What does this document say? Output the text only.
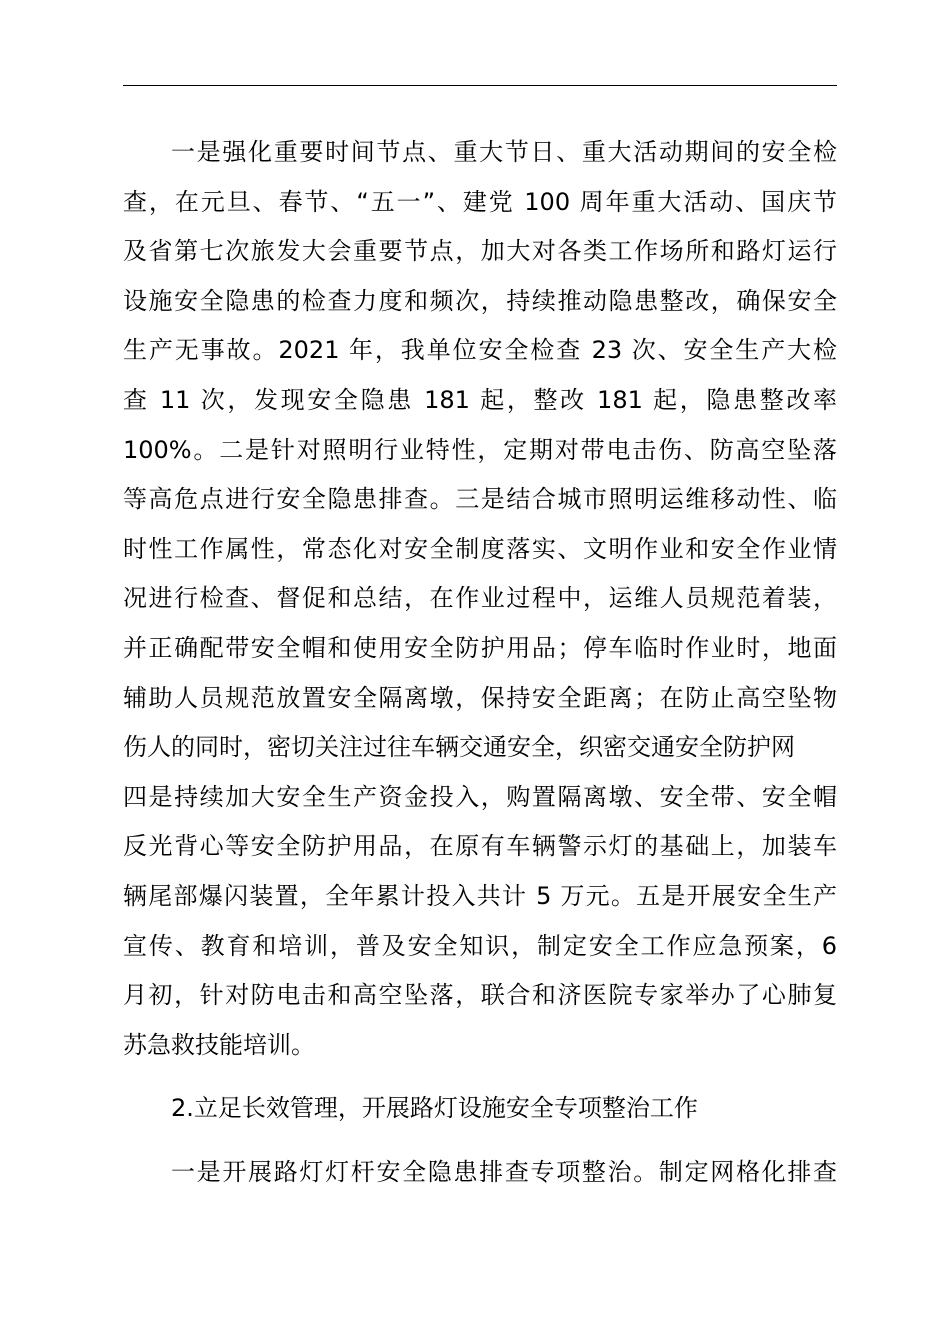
一是强化重要时间节点、重大节日、重大活动期间的安全检
查，在元旦、春节、“五一”、建党 100 周年重大活动、国庆节
及省第七次旅发大会重要节点，加大对各类工作场所和路灯运行
设施安全隐患的检查力度和频次，持续推动隐患整改，确保安全
生产无事故。2021 年，我单位安全检查 23 次、安全生产大检
查 11 次，发现安全隐患 181 起，整改 181 起，隐患整改率
100%。二是针对照明行业特性，定期对带电击伤、防高空坠落
等高危点进行安全隐患排查。三是结合城市照明运维移动性、临
时性工作属性，常态化对安全制度落实、文明作业和安全作业情
况进行检查、督促和总结，在作业过程中，运维人员规范着装，
并正确配带安全帽和使用安全防护用品；停车临时作业时，地面
辅助人员规范放置安全隔离墩，保持安全距离；在防止高空坠物
伤人的同时，密切关注过往车辆交通安全，织密交通安全防护网
四是持续加大安全生产资金投入，购置隔离墩、安全带、安全帽
反光背心等安全防护用品，在原有车辆警示灯的基础上，加装车
辆尾部爆闪装置，全年累计投入共计 5 万元。五是开展安全生产
宣传、教育和培训，普及安全知识，制定安全工作应急预案，6
月初，针对防电击和高空坠落，联合和济医院专家举办了心肺复
苏急救技能培训。
2.立足长效管理，开展路灯设施安全专项整治工作
一是开展路灯灯杆安全隐患排查专项整治。制定网格化排查
